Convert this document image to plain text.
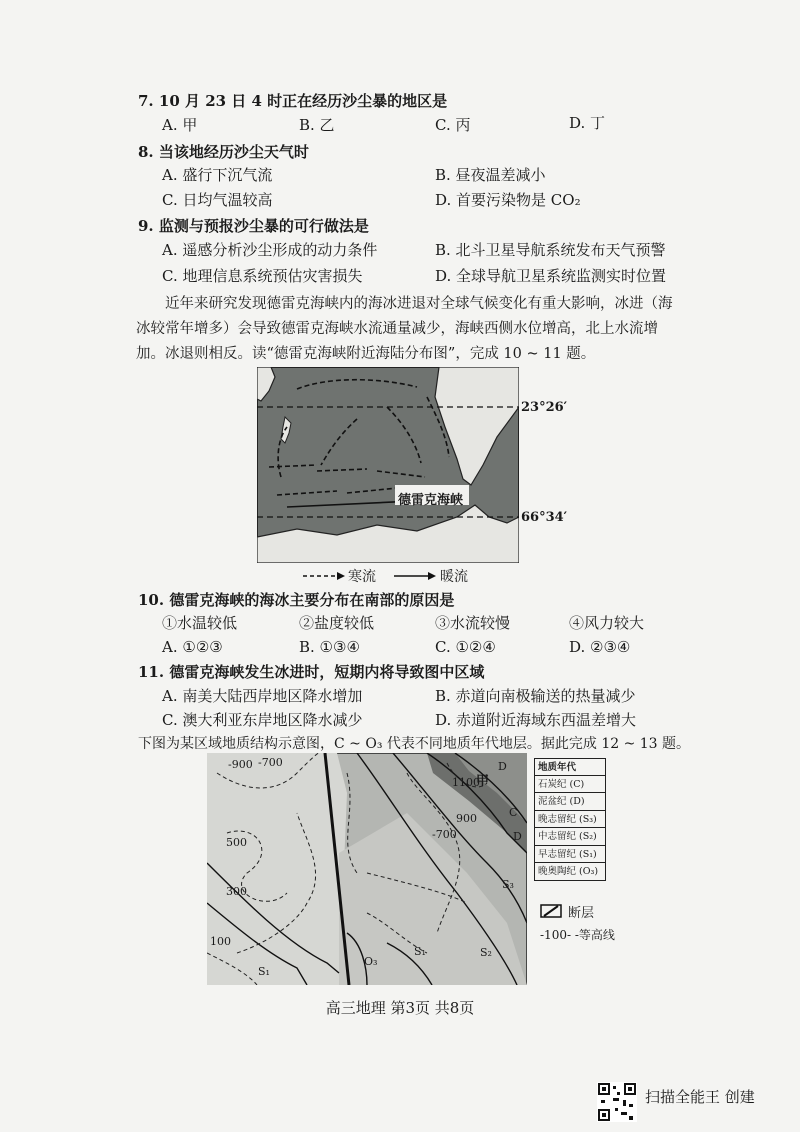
7. 10 月 23 日 4 时正在经历沙尘暴的地区是
A. 甲	B. 乙	C. 丙	D. 丁
8. 当该地经历沙尘天气时
A. 盛行下沉气流	B. 昼夜温差减小
C. 日均气温较高	D. 首要污染物是 CO₂
9. 监测与预报沙尘暴的可行做法是
A. 遥感分析沙尘形成的动力条件	B. 北斗卫星导航系统发布天气预警
C. 地理信息系统预估灾害损失	D. 全球导航卫星系统监测实时位置
近年来研究发现德雷克海峡内的海冰进退对全球气候变化有重大影响，冰进（海冰较常年增多）会导致德雷克海峡水流通量减少，海峡西侧水位增高，北上水流增加。冰退则相反。读“德雷克海峡附近海陆分布图”，完成 10 ~ 11 题。
德雷克海峡
23°26′
66°34′
寒流	暖流
10. 德雷克海峡的海冰主要分布在南部的原因是
①水温较低	②盐度较低	③水流较慢	④风力较大
A. ①②③	B. ①③④	C. ①②④	D. ②③④
11. 德雷克海峡发生冰进时，短期内将导致图中区域
A. 南美大陆西岸地区降水增加	B. 赤道向南极输送的热量减少
C. 澳大利亚东岸地区降水减少	D. 赤道附近海域东西温差增大
下图为某区域地质结构示意图，C ~ O₃ 代表不同地质年代地层。据此完成 12 ~ 13 题。
-900 -700
500
300
100
1100
900
-700
甲
D
C
D
S₃
O₃
S₁	S₂
S₁
地质年代
石炭纪 (C)
泥盆纪 (D)
晚志留纪 (S₃)
中志留纪 (S₂)
早志留纪 (S₁)
晚奥陶纪 (O₃)
断层
-100- -等高线
高三地理 第3页 共8页
扫描全能王 创建
